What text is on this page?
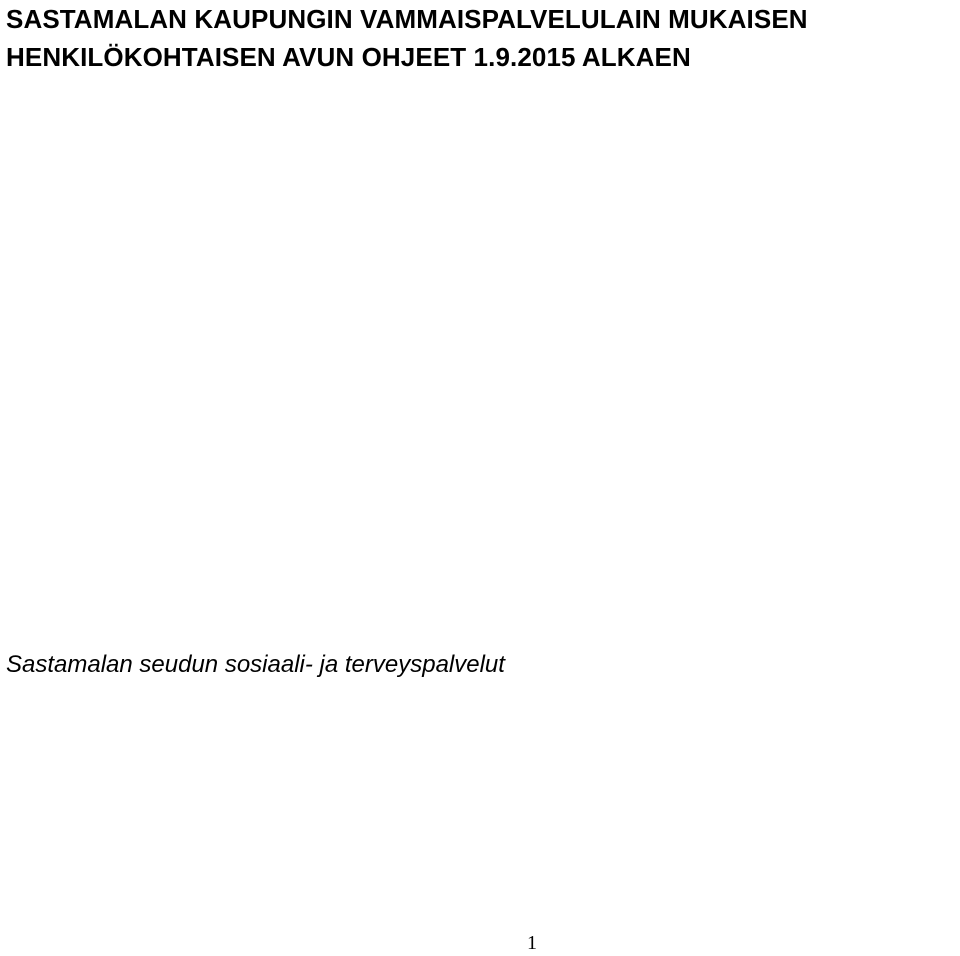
SASTAMALAN KAUPUNGIN VAMMAISPALVELULAIN MUKAISEN
HENKILÖKOHTAISEN AVUN OHJEET 1.9.2015 ALKAEN

Sastamalan seudun sosiaali- ja terveyspalvelut

1
